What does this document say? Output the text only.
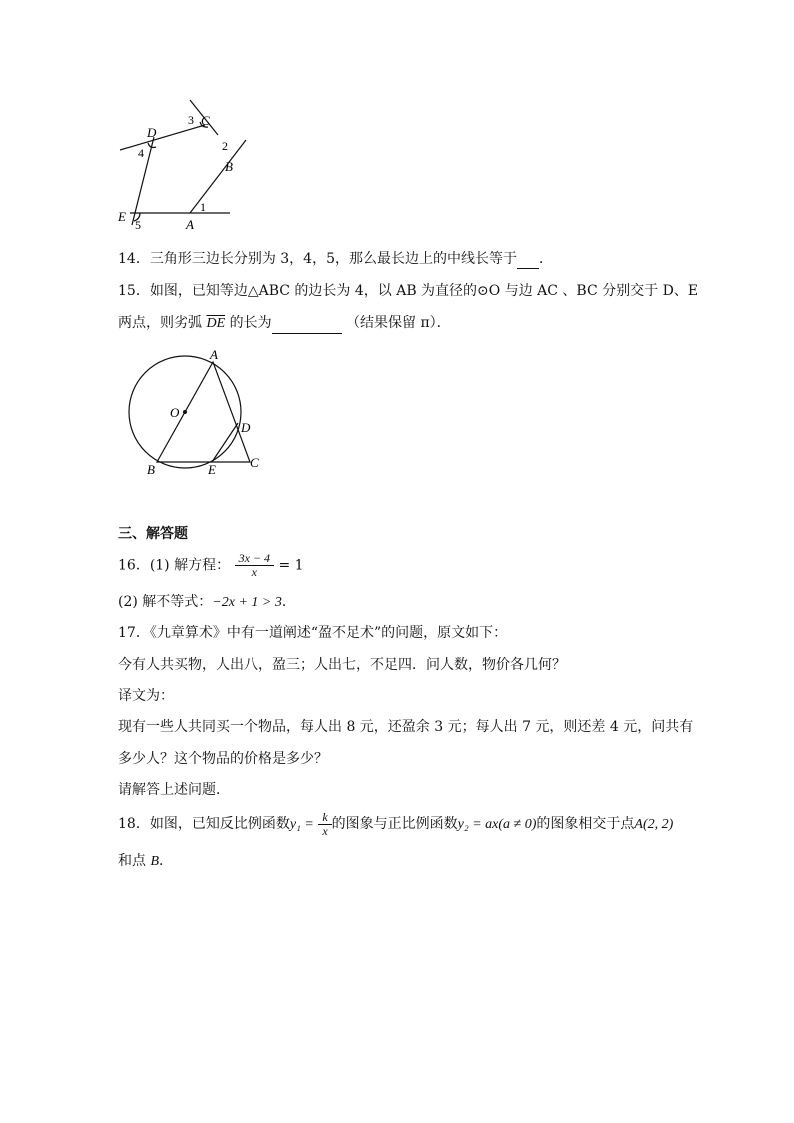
D
C
B
A
E
1
2
3
4
5
14．三角形三边长分别为 3，4，5，那么最长边上的中线长等于 ．
15．如图，已知等边△ABC 的边长为 4，以 AB 为直径的⊙O 与边 AC 、BC 分别交于 D、E
两点，则劣弧 $\overline{DE}$ 的长为	（结果保留 π）．
A
O
D
B	E	C
三、解答题
16．(1) 解方程： $\frac{3x - 4}{x} = 1$
(2) 解不等式：−2x + 1 > 3．
17．《九章算术》中有一道阐述“盈不足术”的问题，原文如下：
今有人共买物，人出八，盈三；人出七，不足四．问人数，物价各几何？
译文为：
现有一些人共同买一个物品，每人出 8 元，还盈余 3 元；每人出 7 元，则还差 4 元，问共有
多少人？这个物品的价格是多少？
请解答上述问题．
18．如图，已知反比例函数$y_1 = \frac{k}{x}$ 的图象与正比例函数y₂ = ax(a ≠ 0)的图象相交于点A(2, 2)
和点 B．
